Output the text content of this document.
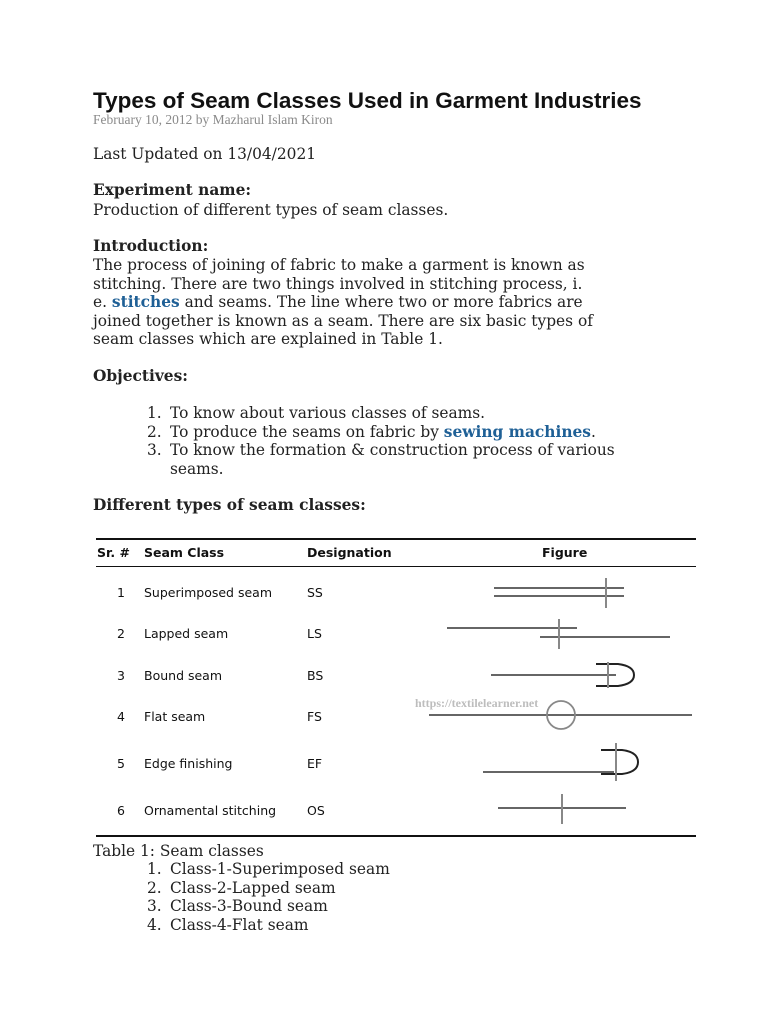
Types of Seam Classes Used in Garment Industries
February 10, 2012 by Mazharul Islam Kiron
Last Updated on 13/04/2021
Experiment name:
Production of different types of seam classes.
Introduction:
The process of joining of fabric to make a garment is known as
stitching. There are two things involved in stitching process, i.
e. stitches and seams. The line where two or more fabrics are
joined together is known as a seam. There are six basic types of
seam classes which are explained in Table 1.
Objectives:
1. To know about various classes of seams.
2. To produce the seams on fabric by sewing machines.
3. To know the formation & construction process of various
seams.
Different types of seam classes:
Sr. # Seam Class	Designation	Figure
1 Superimposed seam	SS
2 Lapped seam	LS
3 Bound seam	BS
4 Flat seam	FS
5 Edge finishing	EF
6 Ornamental stitching OS
https://textilelearner.net
Table 1: Seam classes
1. Class-1-Superimposed seam
2. Class-2-Lapped seam
3. Class-3-Bound seam
4. Class-4-Flat seam
